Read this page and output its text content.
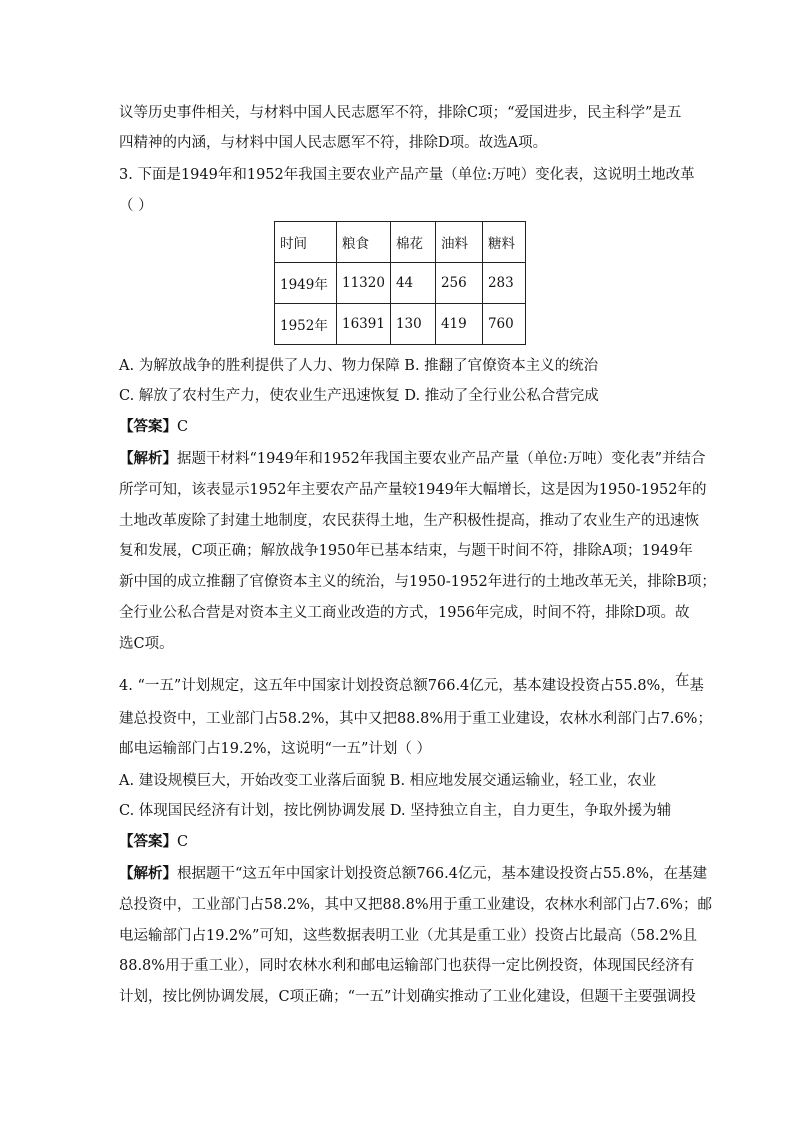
议等历史事件相关，与材料中国人民志愿军不符，排除C项；“爱国进步，民主科学”是五
四精神的内涵，与材料中国人民志愿军不符，排除D项。故选A项。
3. 下面是1949年和1952年我国主要农业产品产量（单位:万吨）变化表，这说明土地改革
（ ）
时间	粮食	棉花	油料	糖料
1949年	11320	44	256	283
1952年	16391	130	419	760
A. 为解放战争的胜利提供了人力、物力保障 B. 推翻了官僚资本主义的统治
C. 解放了农村生产力，使农业生产迅速恢复 D. 推动了全行业公私合营完成
【答案】C
【解析】据题干材料“1949年和1952年我国主要农业产品产量（单位:万吨）变化表”并结合
所学可知，该表显示1952年主要农产品产量较1949年大幅增长，这是因为1950-1952年的
土地改革废除了封建土地制度，农民获得土地，生产积极性提高，推动了农业生产的迅速恢
复和发展，C项正确；解放战争1950年已基本结束，与题干时间不符，排除A项；1949年
新中国的成立推翻了官僚资本主义的统治，与1950-1952年进行的土地改革无关，排除B项；
全行业公私合营是对资本主义工商业改造的方式，1956年完成，时间不符，排除D项。故
选C项。
4. “一五”计划规定，这五年中国家计划投资总额766.4亿元，基本建设投资占55.8%，在基
建总投资中，工业部门占58.2%，其中又把88.8%用于重工业建设，农林水利部门占7.6%；
邮电运输部门占19.2%，这说明“一五”计划（ ）
A. 建设规模巨大，开始改变工业落后面貌 B. 相应地发展交通运输业，轻工业，农业
C. 体现国民经济有计划，按比例协调发展 D. 坚持独立自主，自力更生，争取外援为辅
【答案】C
【解析】根据题干“这五年中国家计划投资总额766.4亿元，基本建设投资占55.8%，在基建
总投资中，工业部门占58.2%，其中又把88.8%用于重工业建设，农林水利部门占7.6%；邮
电运输部门占19.2%”可知，这些数据表明工业（尤其是重工业）投资占比最高（58.2%且
88.8%用于重工业），同时农林水利和邮电运输部门也获得一定比例投资，体现国民经济有
计划，按比例协调发展，C项正确；“一五”计划确实推动了工业化建设，但题干主要强调投
